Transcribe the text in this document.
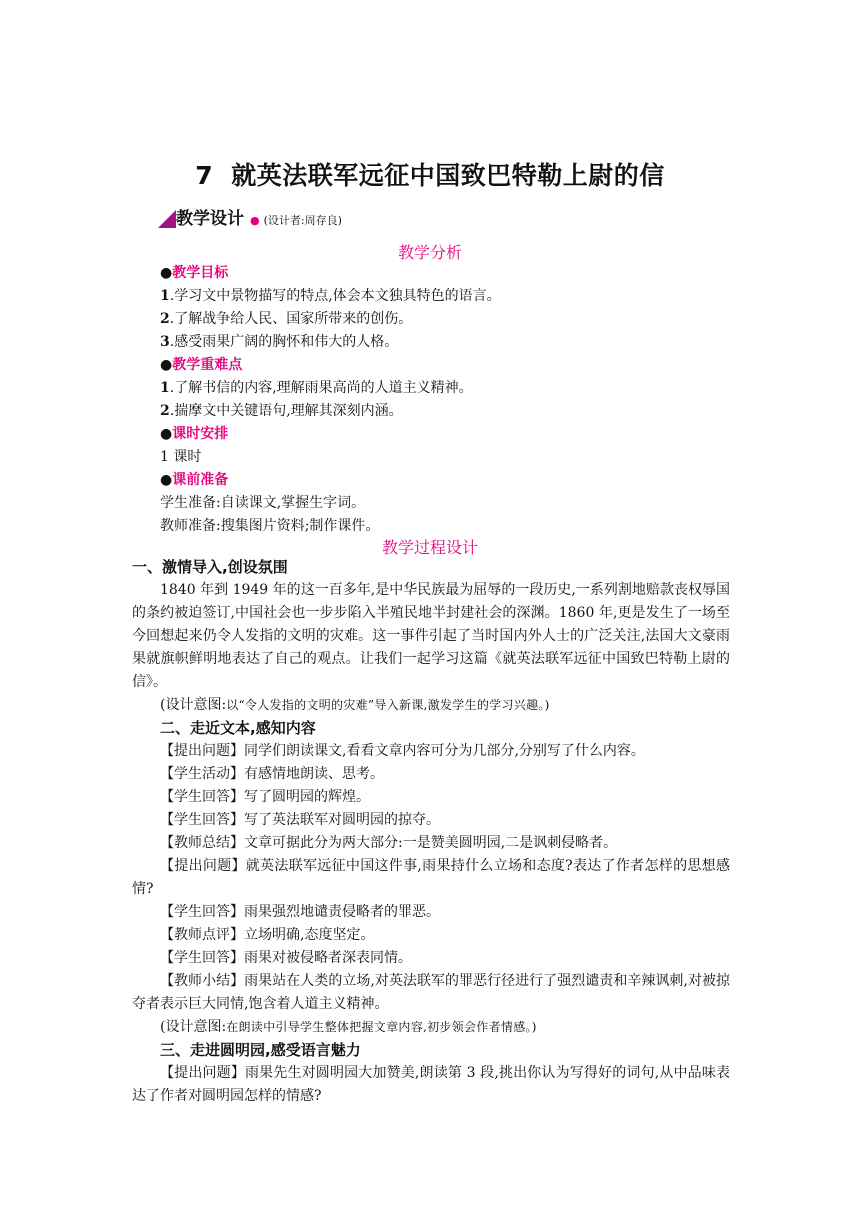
7 就英法联军远征中国致巴特勒上尉的信
教学设计 ● (设计者:周存良)
教学分析

●教学目标

1.学习文中景物描写的特点,体会本文独具特色的语言。

2.了解战争给人民、国家所带来的创伤。

3.感受雨果广阔的胸怀和伟大的人格。

●教学重难点

1.了解书信的内容,理解雨果高尚的人道主义精神。

2.揣摩文中关键语句,理解其深刻内涵。

●课时安排

1 课时

●课前准备

学生准备:自读课文,掌握生字词。

教师准备:搜集图片资料;制作课件。

教学过程设计

一、激情导入,创设氛围

1840 年到 1949 年的这一百多年,是中华民族最为屈辱的一段历史,一系列割地赔款丧权辱国的条约被迫签订,中国社会也一步步陷入半殖民地半封建社会的深渊。1860 年,更是发生了一场至今回想起来仍令人发指的文明的灾难。这一事件引起了当时国内外人士的广泛关注,法国大文豪雨果就旗帜鲜明地表达了自己的观点。让我们一起学习这篇《就英法联军远征中国致巴特勒上尉的信》。

(设计意图:以“令人发指的文明的灾难”导入新课,激发学生的学习兴趣。)

二、走近文本,感知内容

【提出问题】同学们朗读课文,看看文章内容可分为几部分,分别写了什么内容。

【学生活动】有感情地朗读、思考。

【学生回答】写了圆明园的辉煌。

【学生回答】写了英法联军对圆明园的掠夺。

【教师总结】文章可据此分为两大部分:一是赞美圆明园,二是讽刺侵略者。

【提出问题】就英法联军远征中国这件事,雨果持什么立场和态度?表达了作者怎样的思想感情?

【学生回答】雨果强烈地谴责侵略者的罪恶。

【教师点评】立场明确,态度坚定。

【学生回答】雨果对被侵略者深表同情。

【教师小结】雨果站在人类的立场,对英法联军的罪恶行径进行了强烈谴责和辛辣讽刺,对被掠夺者表示巨大同情,饱含着人道主义精神。

(设计意图:在朗读中引导学生整体把握文章内容,初步领会作者情感。)

三、走进圆明园,感受语言魅力

【提出问题】雨果先生对圆明园大加赞美,朗读第 3 段,挑出你认为写得好的词句,从中品味表达了作者对圆明园怎样的情感?
